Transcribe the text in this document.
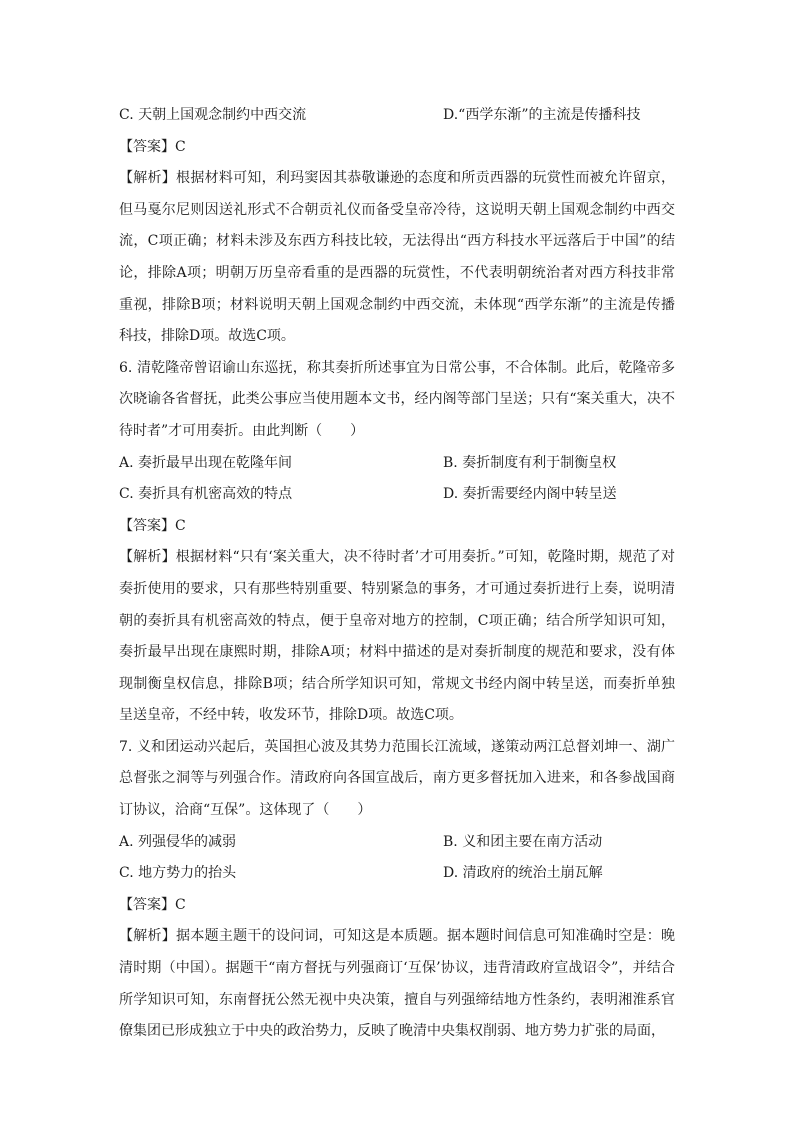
C. 天朝上国观念制约中西交流	D.“西学东渐”的主流是传播科技
【答案】C
【解析】根据材料可知，利玛窦因其恭敬谦逊的态度和所贡西器的玩赏性而被允许留京，但马戛尔尼则因送礼形式不合朝贡礼仪而备受皇帝冷待，这说明天朝上国观念制约中西交流，C项正确；材料未涉及东西方科技比较，无法得出“西方科技水平远落后于中国”的结论，排除A项；明朝万历皇帝看重的是西器的玩赏性，不代表明朝统治者对西方科技非常重视，排除B项；材料说明天朝上国观念制约中西交流，未体现“西学东渐”的主流是传播科技，排除D项。故选C项。
6. 清乾隆帝曾诏谕山东巡抚，称其奏折所述事宜为日常公事，不合体制。此后，乾隆帝多次晓谕各省督抚，此类公事应当使用题本文书，经内阁等部门呈送；只有“案关重大，决不待时者”才可用奏折。由此判断（　　）
A. 奏折最早出现在乾隆年间	B. 奏折制度有利于制衡皇权
C. 奏折具有机密高效的特点	D. 奏折需要经内阁中转呈送
【答案】C
【解析】根据材料“只有‘案关重大，决不待时者’才可用奏折。”可知，乾隆时期，规范了对奏折使用的要求，只有那些特别重要、特别紧急的事务，才可通过奏折进行上奏，说明清朝的奏折具有机密高效的特点，便于皇帝对地方的控制，C项正确；结合所学知识可知，奏折最早出现在康熙时期，排除A项；材料中描述的是对奏折制度的规范和要求，没有体现制衡皇权信息，排除B项；结合所学知识可知，常规文书经内阁中转呈送，而奏折单独呈送皇帝，不经中转，收发环节，排除D项。故选C项。
7. 义和团运动兴起后，英国担心波及其势力范围长江流域，遂策动两江总督刘坤一、湖广总督张之洞等与列强合作。清政府向各国宣战后，南方更多督抚加入进来，和各参战国商订协议，洽商“互保”。这体现了（　　）
A. 列强侵华的减弱	B. 义和团主要在南方活动
C. 地方势力的抬头	D. 清政府的统治土崩瓦解
【答案】C
【解析】据本题主题干的设问词，可知这是本质题。据本题时间信息可知准确时空是：晚清时期（中国）。据题干“南方督抚与列强商订‘互保’协议，违背清政府宣战诏令”，并结合所学知识可知，东南督抚公然无视中央决策，擅自与列强缔结地方性条约，表明湘淮系官僚集团已形成独立于中央的政治势力，反映了晚清中央集权削弱、地方势力扩张的局面，
